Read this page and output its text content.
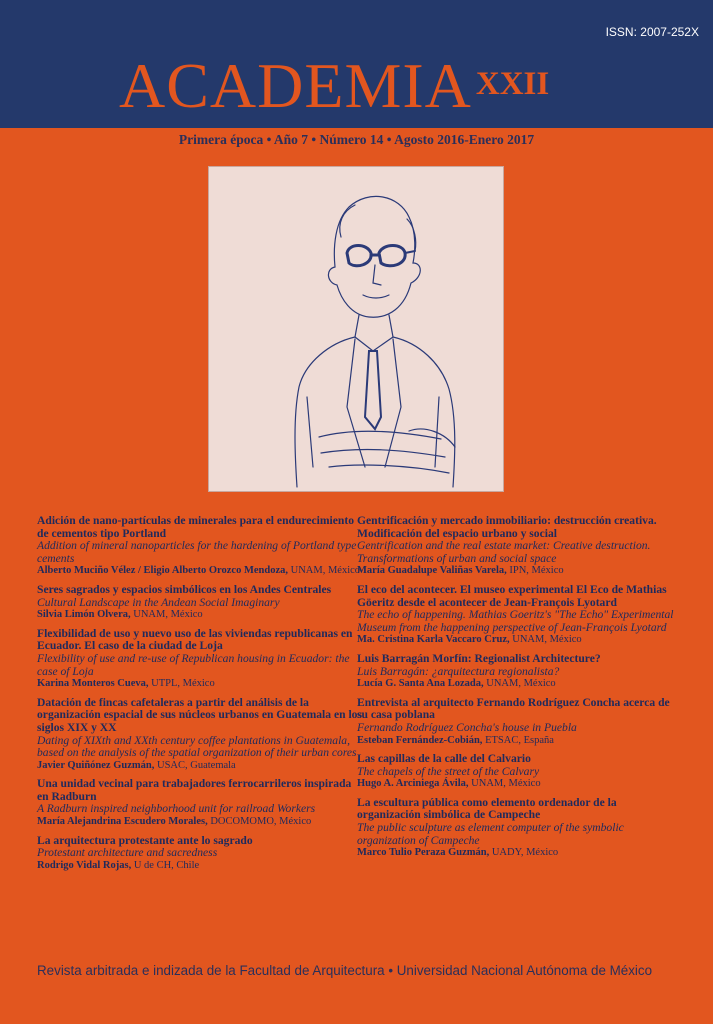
ISSN: 2007-252X
ACADEMIA $^{XXII}$
Primera época • Año 7 • Número 14 • Agosto 2016-Enero 2017
Adición de nano-partículas de minerales para el endurecimiento de cementos tipo Portland
Addition of mineral nanoparticles for the hardening of Portland type cements
Alberto Muciño Vélez / Eligio Alberto Orozco Mendoza, UNAM, México
Seres sagrados y espacios simbólicos en los Andes Centrales
Cultural Landscape in the Andean Social Imaginary
Silvia Limón Olvera, UNAM, México
Flexibilidad de uso y nuevo uso de las viviendas republicanas en Ecuador. El caso de la ciudad de Loja
Flexibility of use and re-use of Republican housing in Ecuador: the case of Loja
Karina Monteros Cueva, UTPL, México
Datación de fincas cafetaleras a partir del análisis de la organización espacial de sus núcleos urbanos en Guatemala en los siglos XIX y XX
Dating of XIXth and XXth century coffee plantations in Guatemala, based on the analysis of the spatial organization of their urban cores
Javier Quiñónez Guzmán, USAC, Guatemala
Una unidad vecinal para trabajadores ferrocarrileros inspirada en Radburn
A Radburn inspired neighborhood unit for railroad Workers
María Alejandrina Escudero Morales, DOCOMOMO, México
La arquitectura protestante ante lo sagrado
Protestant architecture and sacredness
Rodrigo Vidal Rojas, U de CH, Chile
Gentrificación y mercado inmobiliario: destrucción creativa. Modificación del espacio urbano y social
Gentrification and the real estate market: Creative destruction. Transformations of urban and social space
María Guadalupe Valiñas Varela, IPN, México
El eco del acontecer. El museo experimental El Eco de Mathias Göeritz desde el acontecer de Jean-François Lyotard
The echo of happening. Mathias Goeritz's "The Echo" Experimental Museum from the happening perspective of Jean-François Lyotard
Ma. Cristina Karla Vaccaro Cruz, UNAM, México
Luis Barragán Morfín: Regionalist Architecture?
Luis Barragán: ¿arquitectura regionalista?
Lucía G. Santa Ana Lozada, UNAM, México
Entrevista al arquitecto Fernando Rodríguez Concha acerca de su casa poblana
Fernando Rodríguez Concha's house in Puebla
Esteban Fernández-Cobián, ETSAC, España
Las capillas de la calle del Calvario
The chapels of the street of the Calvary
Hugo A. Arciniega Ávila, UNAM, México
La escultura pública como elemento ordenador de la organización simbólica de Campeche
The public sculpture as element computer of the symbolic organization of Campeche
Marco Tulio Peraza Guzmán, UADY, México
Revista arbitrada e indizada de la Facultad de Arquitectura • Universidad Nacional Autónoma de México
